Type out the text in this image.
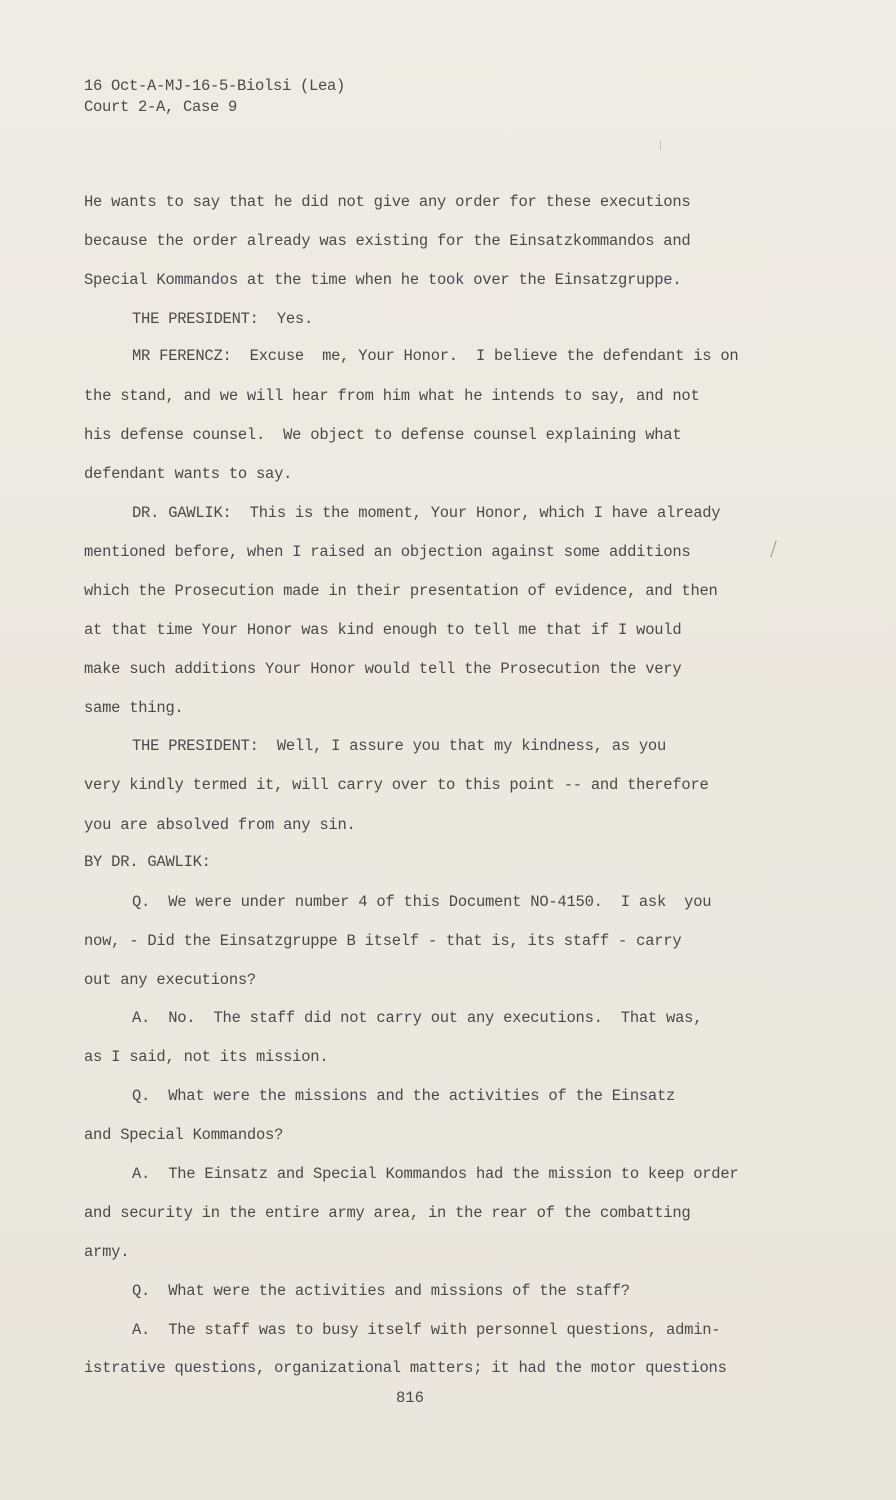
16 Oct-A-MJ-16-5-Biolsi (Lea)
Court 2-A, Case 9
He wants to say that he did not give any order for these executions
because the order already was existing for the Einsatzkommandos and
Special Kommandos at the time when he took over the Einsatzgruppe.
THE PRESIDENT:  Yes.
MR FERENCZ:  Excuse  me, Your Honor.  I believe the defendant is on
the stand, and we will hear from him what he intends to say, and not
his defense counsel.  We object to defense counsel explaining what
defendant wants to say.
DR. GAWLIK:  This is the moment, Your Honor, which I have already
mentioned before, when I raised an objection against some additions
which the Prosecution made in their presentation of evidence, and then
at that time Your Honor was kind enough to tell me that if I would
make such additions Your Honor would tell the Prosecution the very
same thing.
THE PRESIDENT:  Well, I assure you that my kindness, as you
very kindly termed it, will carry over to this point -- and therefore
you are absolved from any sin.
BY DR. GAWLIK:
Q.  We were under number 4 of this Document NO-4150.  I ask  you
now, - Did the Einsatzgruppe B itself - that is, its staff - carry
out any executions?
A.  No.  The staff did not carry out any executions.  That was,
as I said, not its mission.
Q.  What were the missions and the activities of the Einsatz
and Special Kommandos?
A.  The Einsatz and Special Kommandos had the mission to keep order
and security in the entire army area, in the rear of the combatting
army.
Q.  What were the activities and missions of the staff?
A.  The staff was to busy itself with personnel questions, admin-
istrative questions, organizational matters; it had the motor questions
816
